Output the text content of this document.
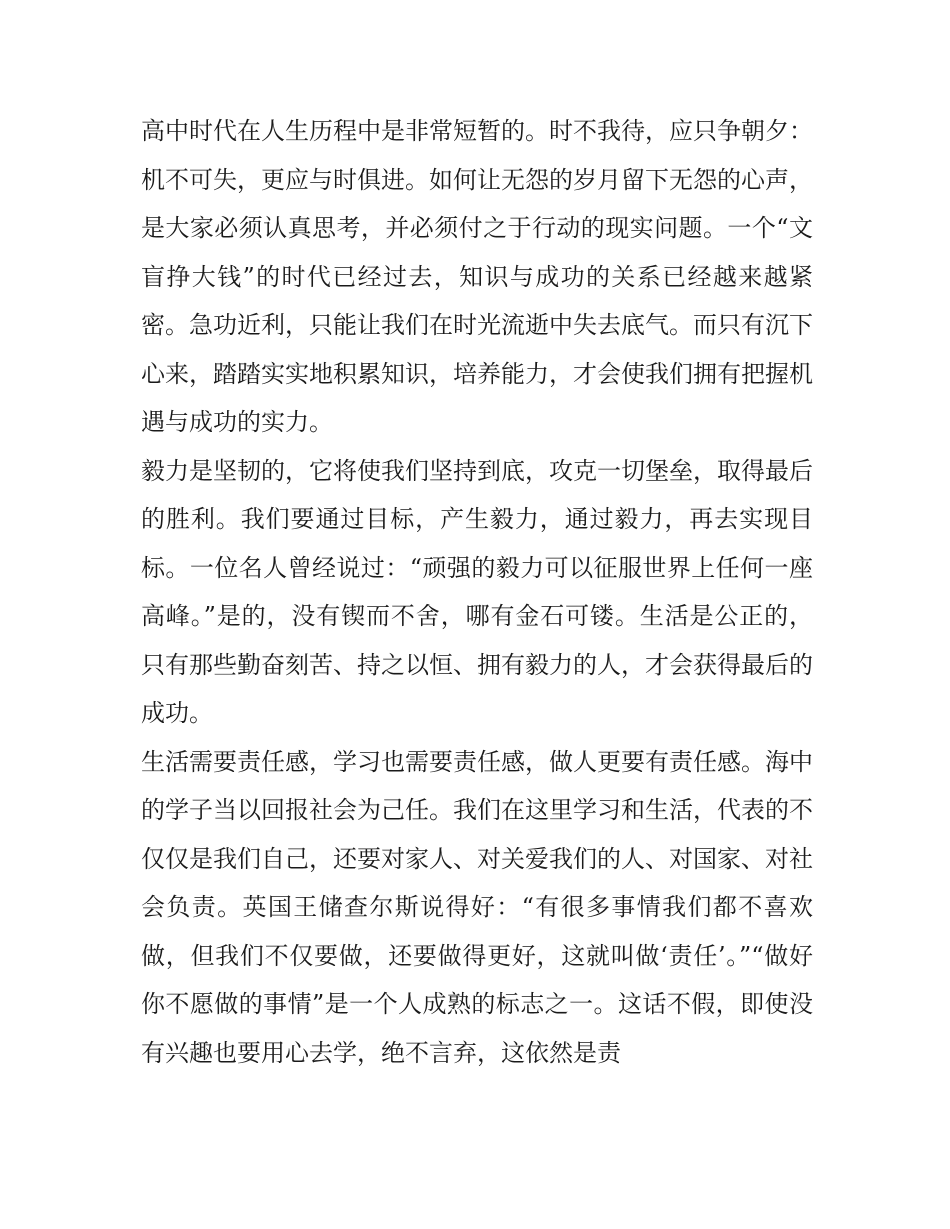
高中时代在人生历程中是非常短暂的。时不我待，应只争朝夕：机不可失，更应与时俱进。如何让无怨的岁月留下无怨的心声，是大家必须认真思考，并必须付之于行动的现实问题。一个“文盲挣大钱”的时代已经过去，知识与成功的关系已经越来越紧密。急功近利，只能让我们在时光流逝中失去底气。而只有沉下心来，踏踏实实地积累知识，培养能力，才会使我们拥有把握机遇与成功的实力。

毅力是坚韧的，它将使我们坚持到底，攻克一切堡垒，取得最后的胜利。我们要通过目标，产生毅力，通过毅力，再去实现目标。一位名人曾经说过：“顽强的毅力可以征服世界上任何一座高峰。”是的，没有锲而不舍，哪有金石可镂。生活是公正的，只有那些勤奋刻苦、持之以恒、拥有毅力的人，才会获得最后的成功。

生活需要责任感，学习也需要责任感，做人更要有责任感。海中的学子当以回报社会为己任。我们在这里学习和生活，代表的不仅仅是我们自己，还要对家人、对关爱我们的人、对国家、对社会负责。英国王储查尔斯说得好：“有很多事情我们都不喜欢做，但我们不仅要做，还要做得更好，这就叫做‘责任’。”“做好你不愿做的事情”是一个人成熟的标志之一。这话不假，即使没有兴趣也要用心去学，绝不言弃，这依然是责
